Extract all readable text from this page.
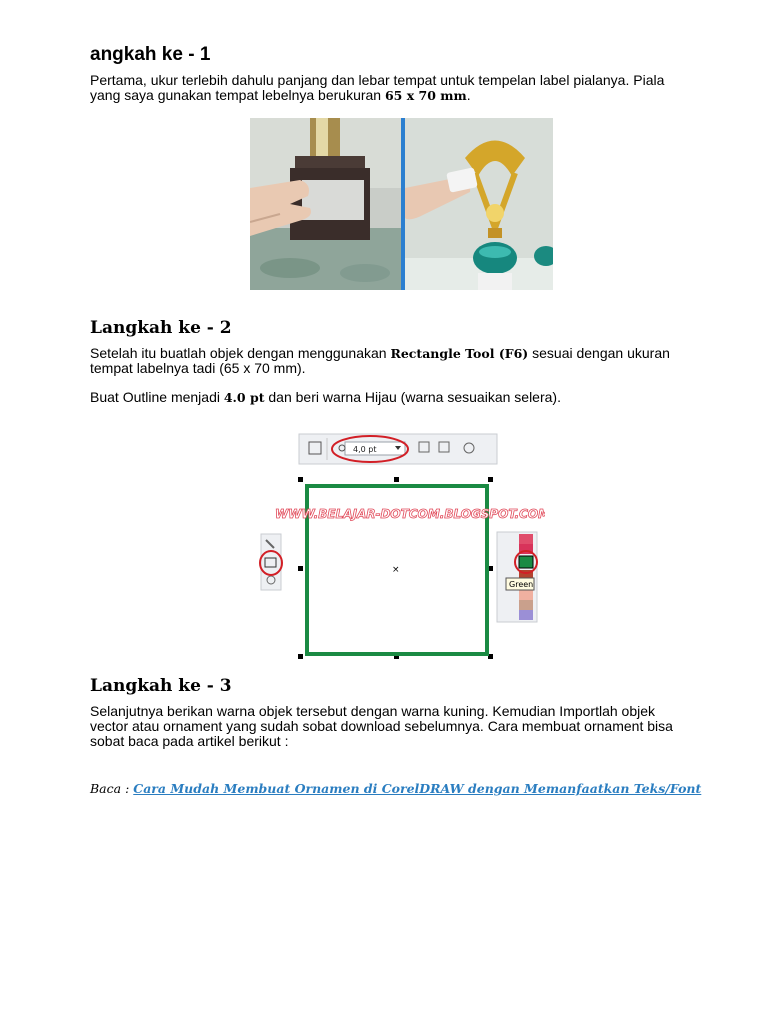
angkah ke - 1

Pertama, ukur terlebih dahulu panjang dan lebar tempat untuk tempelan label pialanya. Piala yang saya gunakan tempat lebelnya berukuran 65 x 70 mm.

Langkah ke - 2

Setelah itu buatlah objek dengan menggunakan Rectangle Tool (F6) sesuai dengan ukuran tempat labelnya tadi (65 x 70 mm).

Buat Outline menjadi 4.0 pt dan beri warna Hijau (warna sesuaikan selera).

4,0 pt
×
WWW.BELAJAR-DOTCOM.BLOGSPOT.COM
Green
Langkah ke - 3

Selanjutnya berikan warna objek tersebut dengan warna kuning. Kemudian Importlah objek vector atau ornament yang sudah sobat download sebelumnya. Cara membuat ornament bisa sobat baca pada artikel berikut :

Baca : Cara Mudah Membuat Ornamen di CorelDRAW dengan Memanfaatkan Teks/Font
